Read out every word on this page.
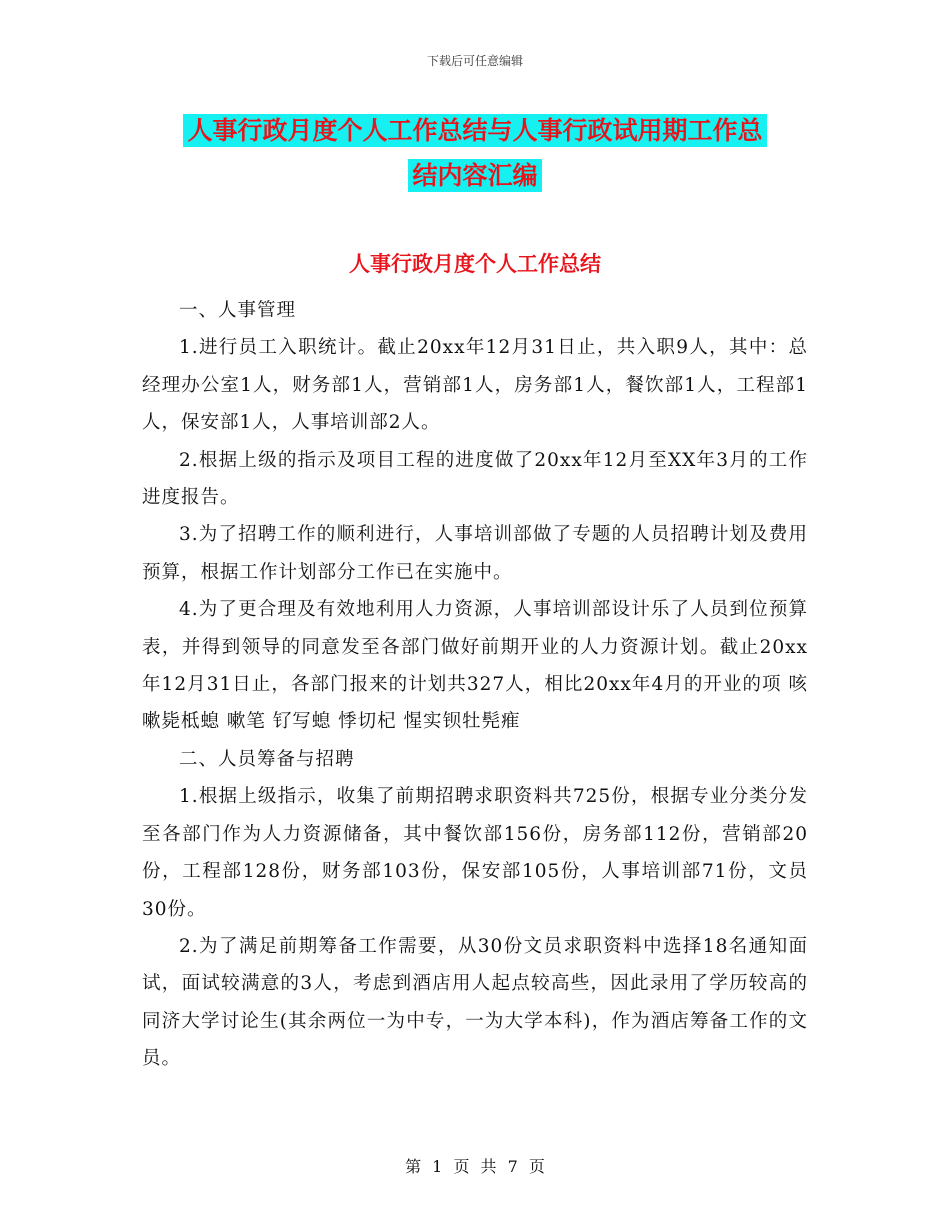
下载后可任意编辑
人事行政月度个人工作总结与人事行政试用期工作总
结内容汇编
人事行政月度个人工作总结

一、人事管理

1.进行员工入职统计。截止20xx年12月31日止，共入职9人，其中：总经理办公室1人，财务部1人，营销部1人，房务部1人，餐饮部1人，工程部1人，保安部1人，人事培训部2人。

2.根据上级的指示及项目工程的进度做了20xx年12月至XX年3月的工作进度报告。

3.为了招聘工作的顺利进行，人事培训部做了专题的人员招聘计划及费用预算，根据工作计划部分工作已在实施中。

4.为了更合理及有效地利用人力资源，人事培训部设计乐了人员到位预算表，并得到领导的同意发至各部门做好前期开业的人力资源计划。截止20xx年12月31日止，各部门报来的计划共327人，相比20xx年4月的开业的项 咳嗽毙柢螅 嗽笔 钌写螅 悸切杞 惺实钡牡髡痽

二、人员筹备与招聘

1.根据上级指示，收集了前期招聘求职资料共725份，根据专业分类分发至各部门作为人力资源储备，其中餐饮部156份，房务部112份，营销部20份，工程部128份，财务部103份，保安部105份，人事培训部71份，文员30份。

2.为了满足前期筹备工作需要，从30份文员求职资料中选择18名通知面试，面试较满意的3人，考虑到酒店用人起点较高些，因此录用了学历较高的同济大学讨论生(其余两位一为中专，一为大学本科)，作为酒店筹备工作的文员。

第 1 页 共 7 页
